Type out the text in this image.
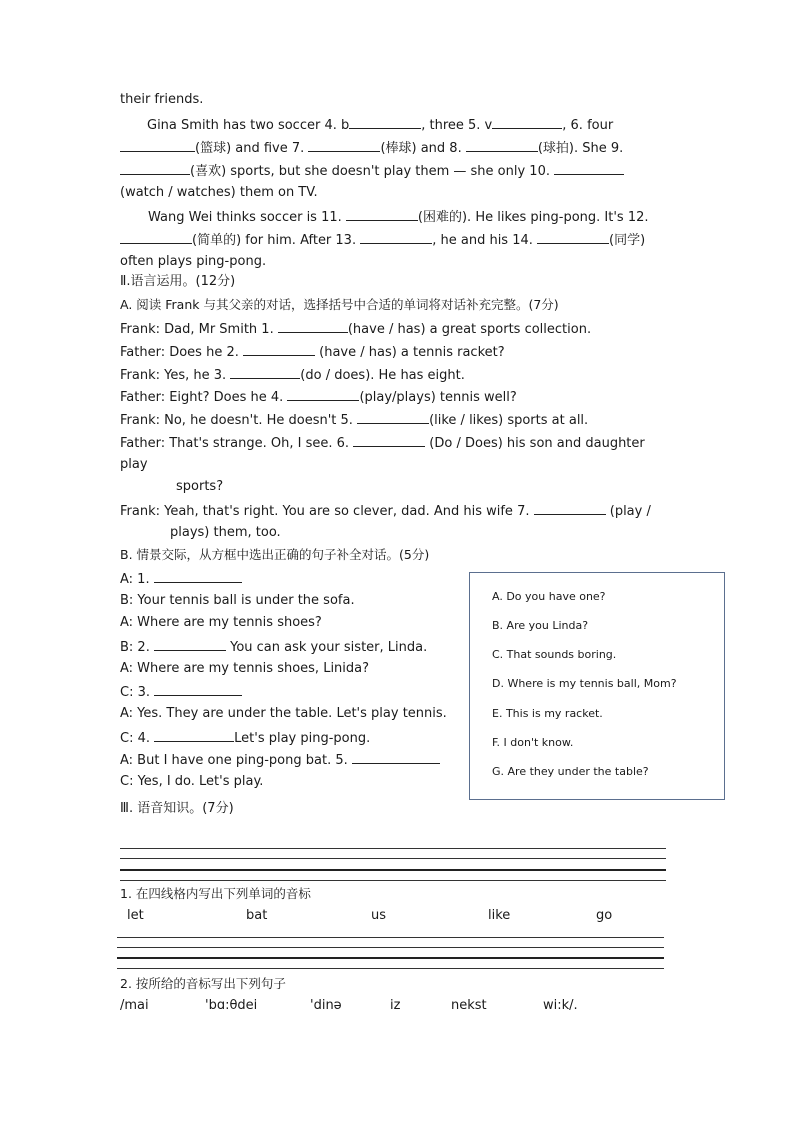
their friends.
Gina Smith has two soccer 4. b	, three 5. v	, 6. four
(篮球) and five 7.	(棒球) and 8.	(球拍). She 9.
(喜欢) sports, but she doesn't play them — she only 10.
(watch / watches) them on TV.
Wang Wei thinks soccer is 11.	(困难的). He likes ping-pong. It's 12.
(简单的) for him. After 13.	, he and his 14.	(同学)
often plays ping-pong.
Ⅱ.语言运用。(12分)
A. 阅读 Frank 与其父亲的对话，选择括号中合适的单词将对话补充完整。(7分)
Frank: Dad, Mr Smith 1.	(have / has) a great sports collection.
Father: Does he 2.	(have / has) a tennis racket?
Frank: Yes, he 3.	(do / does). He has eight.
Father: Eight? Does he 4.	(play/plays) tennis well?
Frank: No, he doesn't. He doesn't 5.	(like / likes) sports at all.
Father: That's strange. Oh, I see. 6.	(Do / Does) his son and daughter
play
sports?
Frank: Yeah, that's right. You are so clever, dad. And his wife 7.	(play /
plays) them, too.
B. 情景交际，从方框中选出正确的句子补全对话。(5分)
A: 1.
B: Your tennis ball is under the sofa.
A: Where are my tennis shoes?
B: 2.	You can ask your sister, Linda.
A: Where are my tennis shoes, Linida?
C: 3.
A: Yes. They are under the table. Let's play tennis.
C: 4.	Let's play ping-pong.
A: But I have one ping-pong bat. 5.
C: Yes, I do. Let's play.
A. Do you have one?
B. Are you Linda?
C. That sounds boring.
D. Where is my tennis ball, Mom?
E. This is my racket.
F. I don't know.
G. Are they under the table?
Ⅲ. 语音知识。(7分)
1. 在四线格内写出下列单词的音标
let	bat	us	like	go
2. 按所给的音标写出下列句子
/mai	'bɑ:θdei	'dinə	iz	nekst	wi:k/.
